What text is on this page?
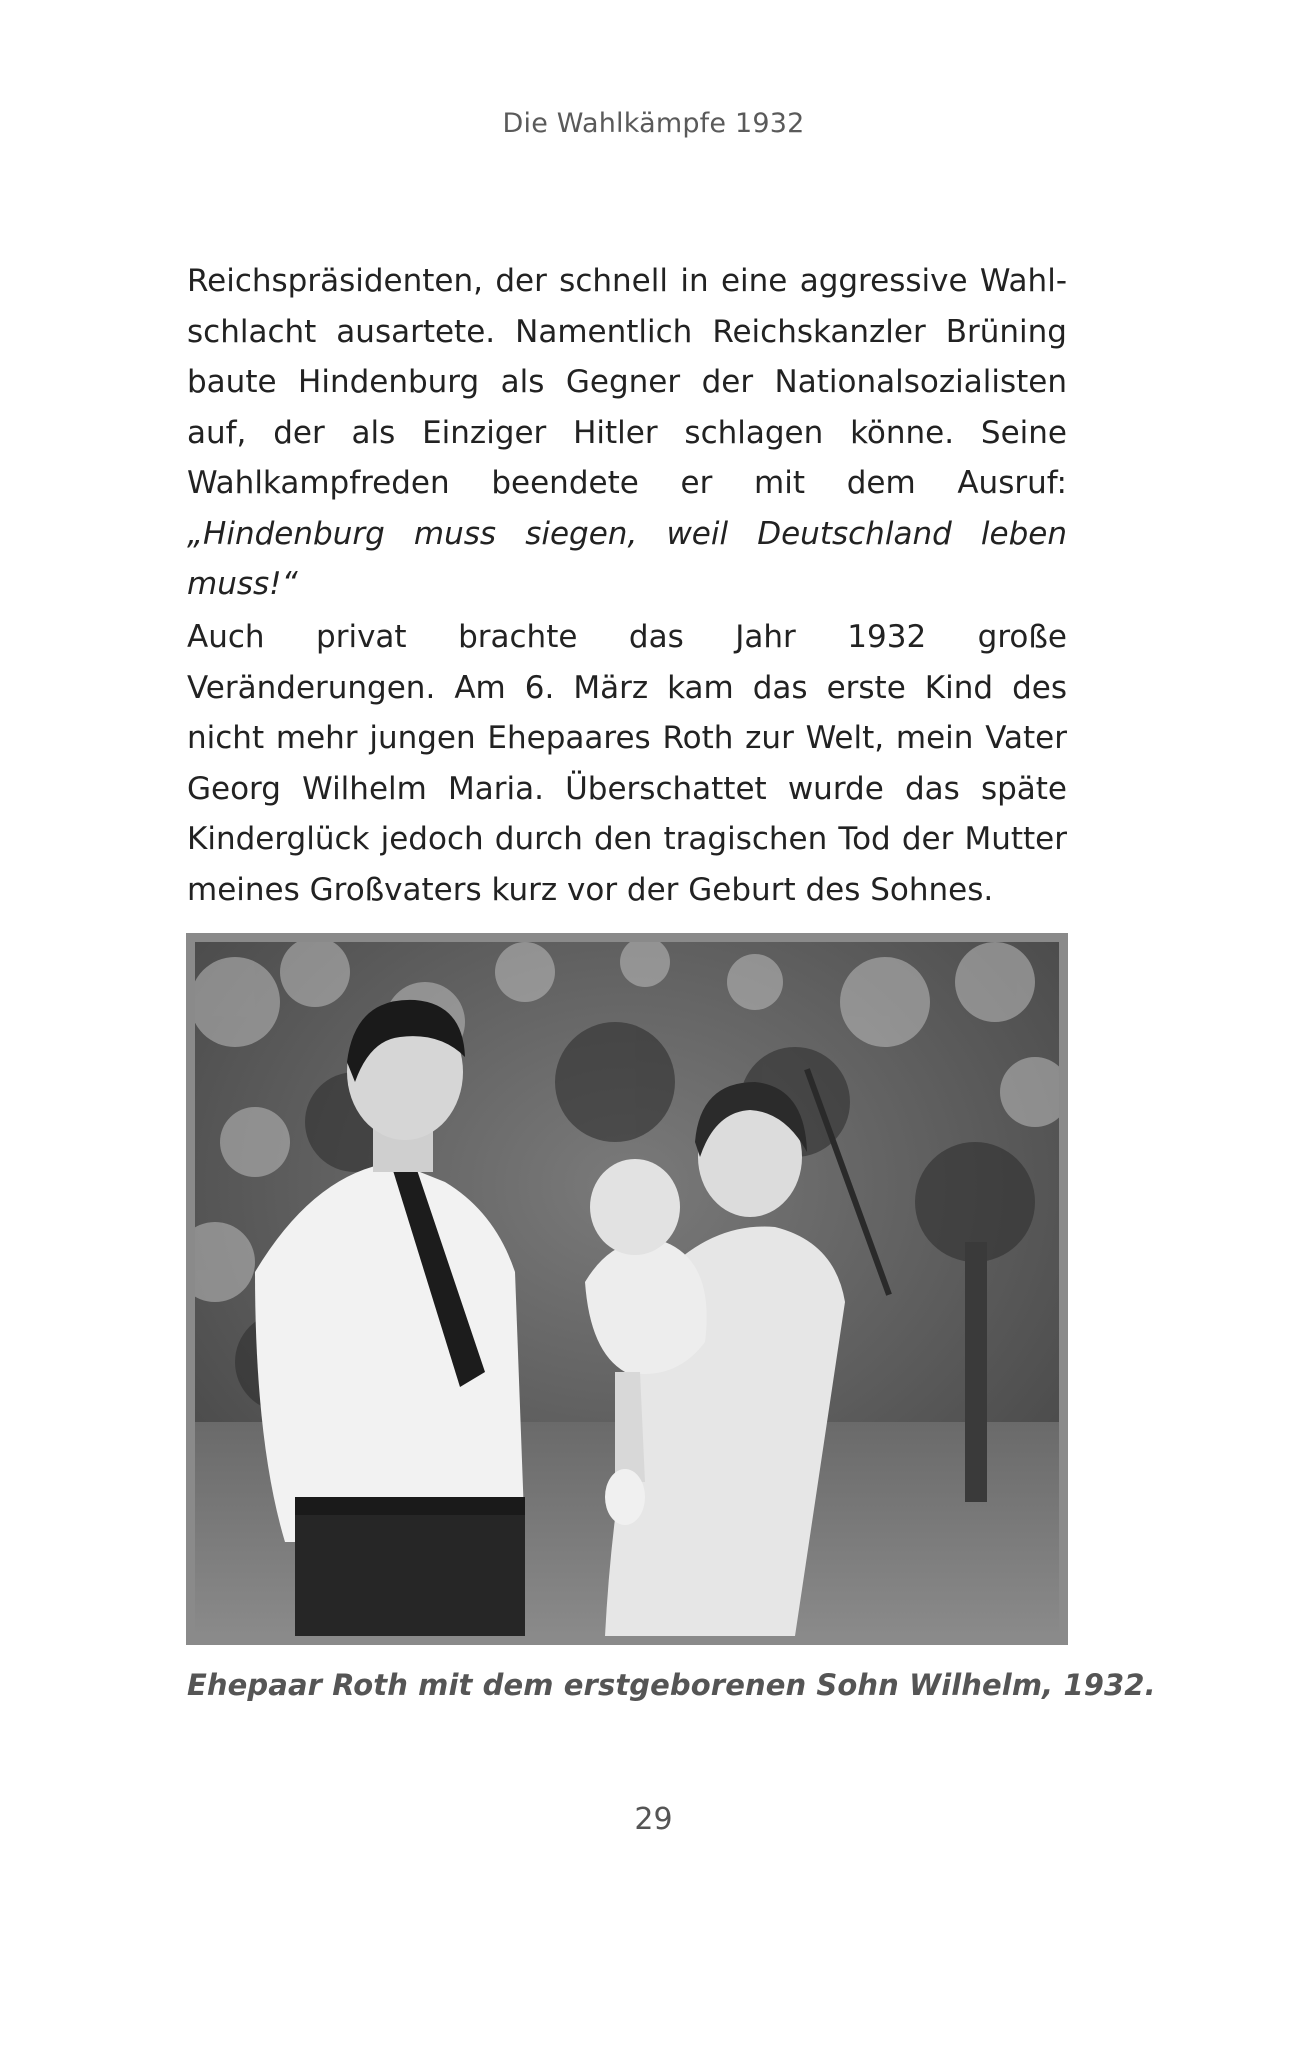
Die Wahlkämpfe 1932
Reichspräsidenten, der schnell in eine aggressive Wahlschlacht ausartete. Namentlich Reichskanzler Brüning baute Hindenburg als Gegner der Nationalsozialisten auf, der als Einziger Hitler schlagen könne. Seine Wahlkampfreden beendete er mit dem Ausruf: „Hindenburg muss siegen, weil Deutschland leben muss!“
Auch privat brachte das Jahr 1932 große Veränderungen. Am 6. März kam das erste Kind des nicht mehr jungen Ehepaares Roth zur Welt, mein Vater Georg Wilhelm Maria. Überschattet wurde das späte Kinderglück jedoch durch den tragischen Tod der Mutter meines Großvaters kurz vor der Geburt des Sohnes.
Ehepaar Roth mit dem erstgeborenen Sohn Wilhelm, 1932.
29
